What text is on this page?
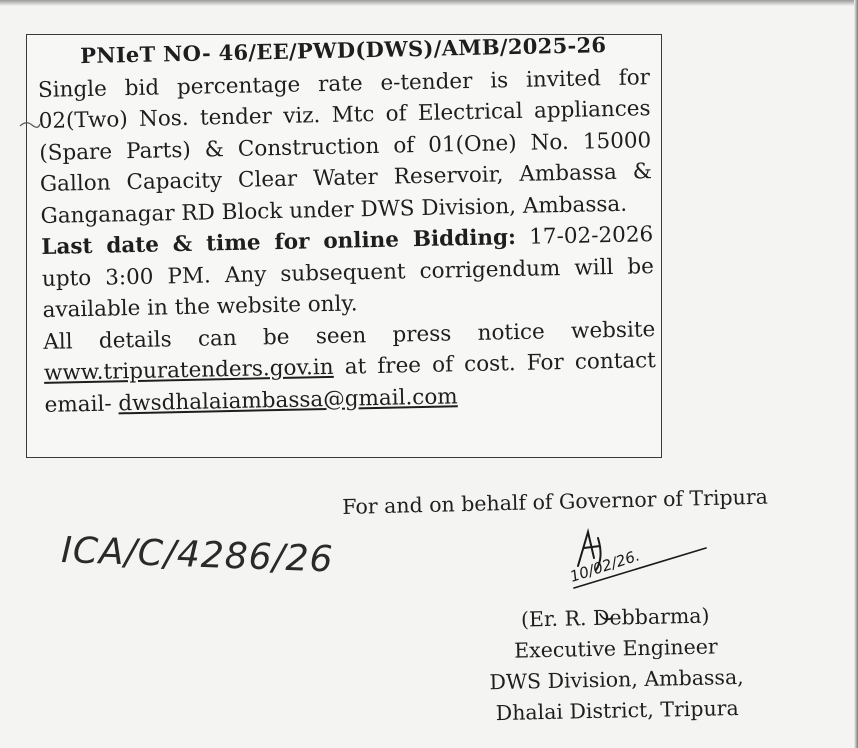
PNIeT NO- 46/EE/PWD(DWS)/AMB/2025-26

Single bid percentage rate e-tender is invited for 02(Two) Nos. tender viz. Mtc of Electrical appliances (Spare Parts) & Construction of 01(One) No. 15000 Gallon Capacity Clear Water Reservoir, Ambassa & Ganganagar RD Block under DWS Division, Ambassa.

Last date & time for online Bidding: 17-02-2026 upto 3:00 PM. Any subsequent corrigendum will be available in the website only.

All details can be seen press notice website www.tripuratenders.gov.in at free of cost. For contact email- dwsdhalaiambassa@gmail.com

ICA/C/4286/26
For and on behalf of Governor of Tripura
10/02/26.
(Er. R. Debbarma)
Executive Engineer
DWS Division, Ambassa,
Dhalai District, Tripura
